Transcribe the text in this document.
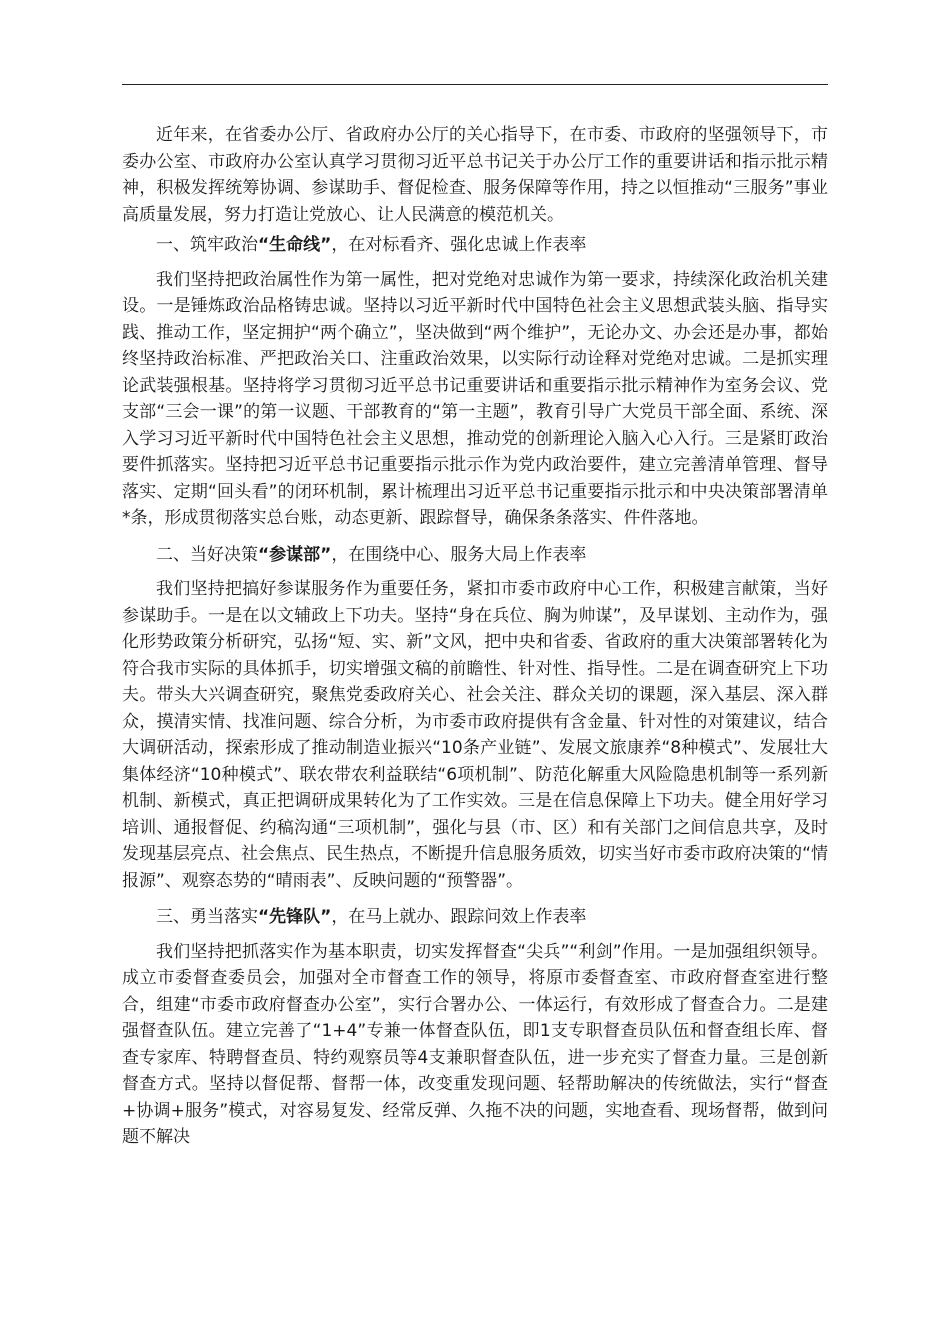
近年来，在省委办公厅、省政府办公厅的关心指导下，在市委、市政府的坚强领导下，市委办公室、市政府办公室认真学习贯彻习近平总书记关于办公厅工作的重要讲话和指示批示精神，积极发挥统筹协调、参谋助手、督促检查、服务保障等作用，持之以恒推动“三服务”事业高质量发展，努力打造让党放心、让人民满意的模范机关。

一、筑牢政治“生命线”，在对标看齐、强化忠诚上作表率

我们坚持把政治属性作为第一属性，把对党绝对忠诚作为第一要求，持续深化政治机关建设。一是锤炼政治品格铸忠诚。坚持以习近平新时代中国特色社会主义思想武装头脑、指导实践、推动工作，坚定拥护“两个确立”，坚决做到“两个维护”，无论办文、办会还是办事，都始终坚持政治标准、严把政治关口、注重政治效果，以实际行动诠释对党绝对忠诚。二是抓实理论武装强根基。坚持将学习贯彻习近平总书记重要讲话和重要指示批示精神作为室务会议、党支部“三会一课”的第一议题、干部教育的“第一主题”，教育引导广大党员干部全面、系统、深入学习习近平新时代中国特色社会主义思想，推动党的创新理论入脑入心入行。三是紧盯政治要件抓落实。坚持把习近平总书记重要指示批示作为党内政治要件，建立完善清单管理、督导落实、定期“回头看”的闭环机制，累计梳理出习近平总书记重要指示批示和中央决策部署清单*条，形成贯彻落实总台账，动态更新、跟踪督导，确保条条落实、件件落地。

二、当好决策“参谋部”，在围绕中心、服务大局上作表率

我们坚持把搞好参谋服务作为重要任务，紧扣市委市政府中心工作，积极建言献策，当好参谋助手。一是在以文辅政上下功夫。坚持“身在兵位、胸为帅谋”，及早谋划、主动作为，强化形势政策分析研究，弘扬“短、实、新”文风，把中央和省委、省政府的重大决策部署转化为符合我市实际的具体抓手，切实增强文稿的前瞻性、针对性、指导性。二是在调查研究上下功夫。带头大兴调查研究，聚焦党委政府关心、社会关注、群众关切的课题，深入基层、深入群众，摸清实情、找准问题、综合分析，为市委市政府提供有含金量、针对性的对策建议，结合大调研活动，探索形成了推动制造业振兴“10条产业链”、发展文旅康养“8种模式”、发展壮大集体经济“10种模式”、联农带农利益联结“6项机制”、防范化解重大风险隐患机制等一系列新机制、新模式，真正把调研成果转化为了工作实效。三是在信息保障上下功夫。健全用好学习培训、通报督促、约稿沟通“三项机制”，强化与县（市、区）和有关部门之间信息共享，及时发现基层亮点、社会焦点、民生热点，不断提升信息服务质效，切实当好市委市政府决策的“情报源”、观察态势的“晴雨表”、反映问题的“预警器”。

三、勇当落实“先锋队”，在马上就办、跟踪问效上作表率

我们坚持把抓落实作为基本职责，切实发挥督查“尖兵”“利剑”作用。一是加强组织领导。成立市委督查委员会，加强对全市督查工作的领导，将原市委督查室、市政府督查室进行整合，组建“市委市政府督查办公室”，实行合署办公、一体运行，有效形成了督查合力。二是建强督查队伍。建立完善了“1+4”专兼一体督查队伍，即1支专职督查员队伍和督查组长库、督查专家库、特聘督查员、特约观察员等4支兼职督查队伍，进一步充实了督查力量。三是创新督查方式。坚持以督促帮、督帮一体，改变重发现问题、轻帮助解决的传统做法，实行“督查+协调+服务”模式，对容易复发、经常反弹、久拖不决的问题，实地查看、现场督帮，做到问题不解决
